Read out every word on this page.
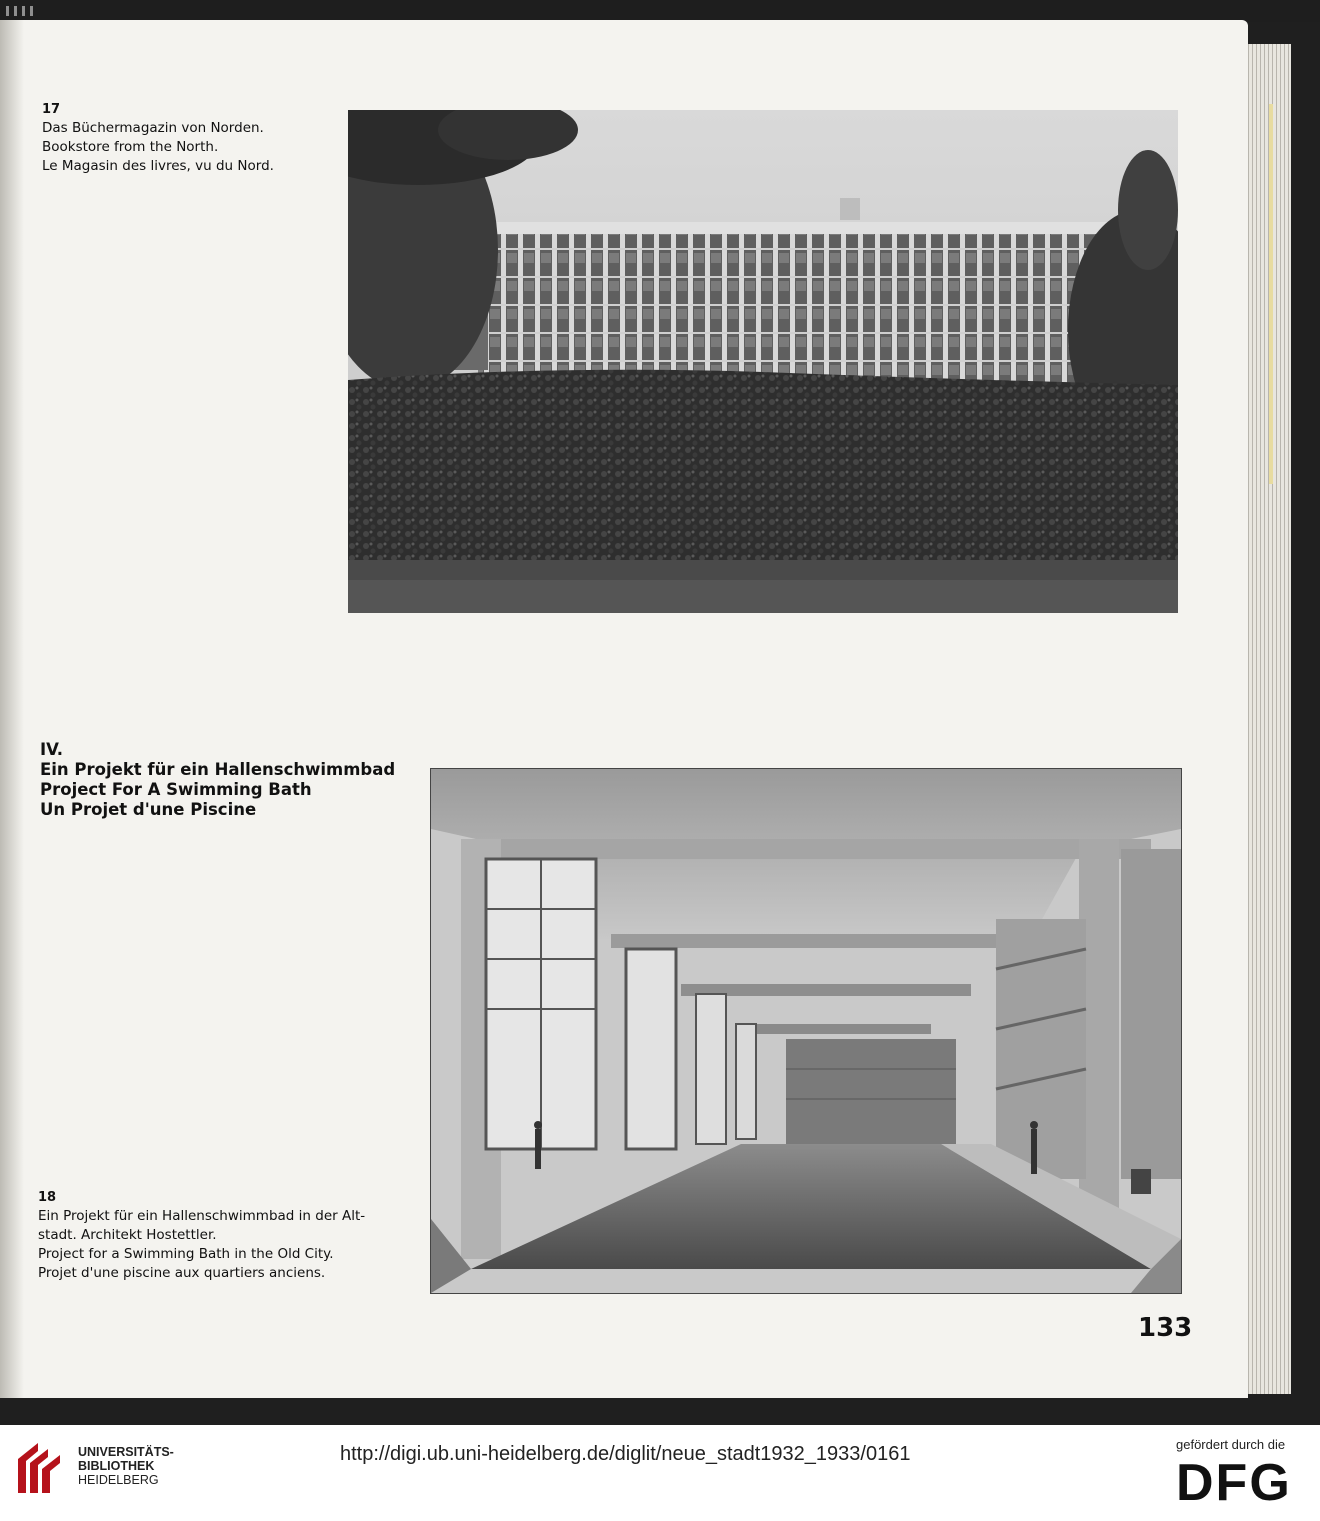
17
Das Büchermagazin von Norden.
Bookstore from the North.
Le Magasin des livres, vu du Nord.
IV.
Ein Projekt für ein Hallenschwimmbad
Project For A Swimming Bath
Un Projet d'une Piscine
18
Ein Projekt für ein Hallenschwimmbad in der Alt-
stadt. Architekt Hostettler.
Project for a Swimming Bath in the Old City.
Projet d'une piscine aux quartiers anciens.
133
UNIVERSITÄTS-
BIBLIOTHEK
HEIDELBERG
http://digi.ub.uni-heidelberg.de/diglit/neue_stadt1932_1933/0161	gefördert durch die
DFG
